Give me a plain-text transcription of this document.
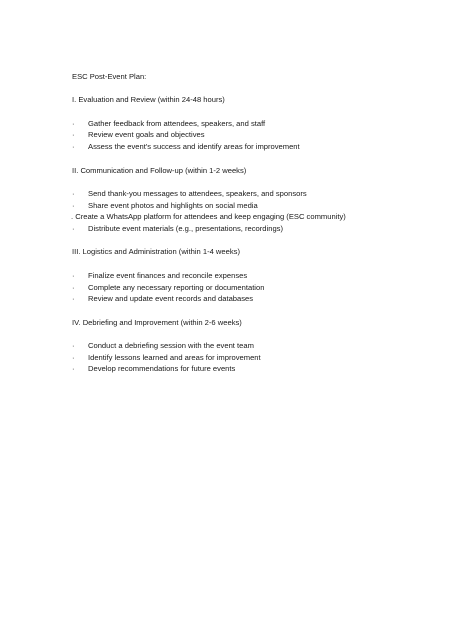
ESC Post-Event Plan:
I. Evaluation and Review (within 24-48 hours)
·	Gather feedback from attendees, speakers, and staff
·	Review event goals and objectives
·	Assess the event's success and identify areas for improvement
II. Communication and Follow-up (within 1-2 weeks)
·	Send thank-you messages to attendees, speakers, and sponsors
·	Share event photos and highlights on social media
. Create a WhatsApp platform for attendees and keep engaging (ESC community)
·	Distribute event materials (e.g., presentations, recordings)
III. Logistics and Administration (within 1-4 weeks)
·	Finalize event finances and reconcile expenses
·	Complete any necessary reporting or documentation
·	Review and update event records and databases
IV. Debriefing and Improvement (within 2-6 weeks)
·	Conduct a debriefing session with the event team
·	Identify lessons learned and areas for improvement
·	Develop recommendations for future events
